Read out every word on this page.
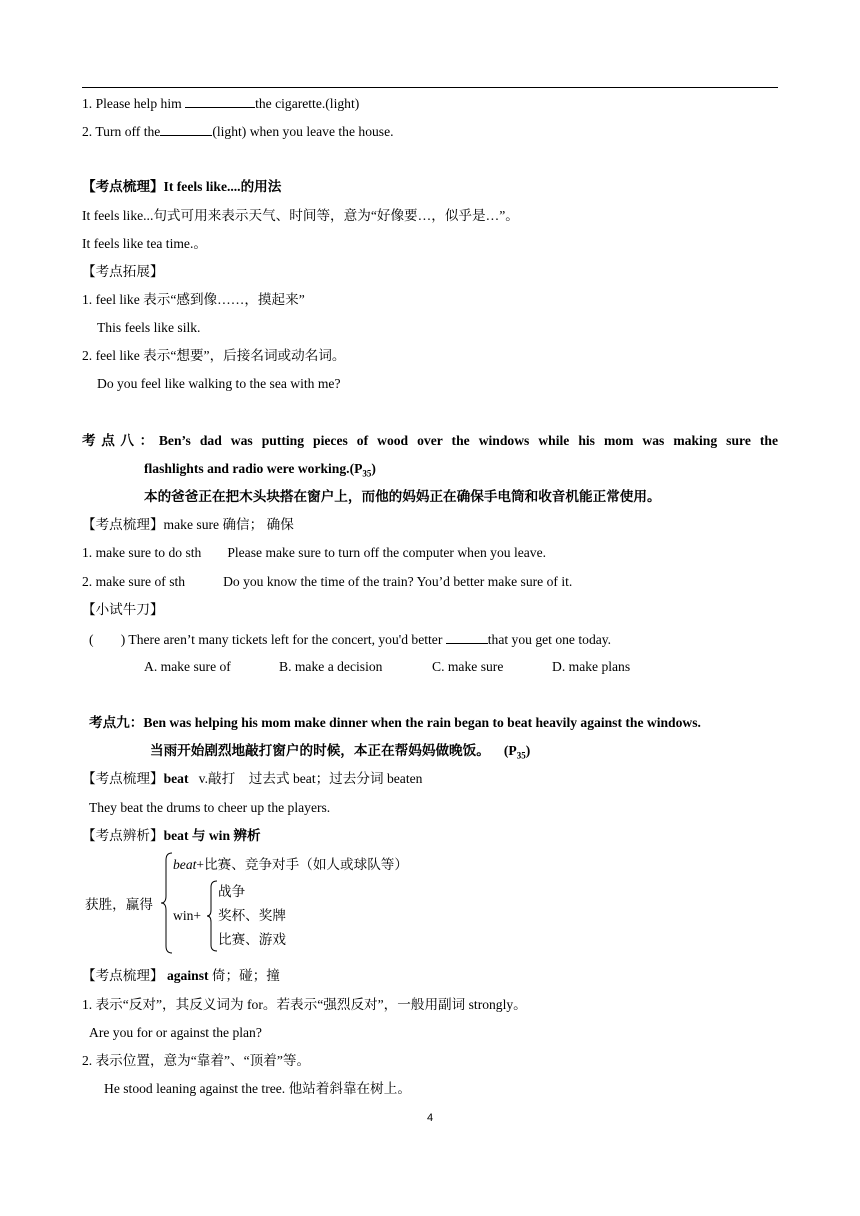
1. Please help him	the cigarette.(light)
2. Turn off the	(light) when you leave the house.
【考点梳理】It feels like....的用法
It feels like...句式可用来表示天气、时间等，意为“好像要…，似乎是…”。
It feels like tea time.。
【考点拓展】
1. feel like 表示“感到像……，摸起来”
This feels like silk.
2. feel like 表示“想要”，后接名词或动名词。
Do you feel like walking to the sea with me?
考点八：Ben’s dad was putting pieces of wood over the windows while his mom was making sure the
flashlights and radio were $working.(P_{35})$
本的爸爸正在把木头块搭在窗户上，而他的妈妈正在确保手电筒和收音机能正常使用。
【考点梳理】make sure 确信； 确保
1. make sure to do sth Please make sure to turn off the computer when you leave.
2. make sure of sth	Do you know the time of the train? You’d better make sure of it.
【小试牛刀】
(        ) There aren’t many tickets left for the concert, you'd better	that you get one today.
A. make sure of	B. make a decision	C. make sure	D. make plans
考点九：Ben was helping his mom make dinner when the rain began to beat heavily against the windows.
当雨开始剧烈地敲打窗户的时候，本正在帮妈妈做晚饭。 $(P_{35})$
【考点梳理】beat   v.敲打    过去式 beat；过去分词 beaten
They beat the drums to cheer up the players.
【考点辨析】beat 与 win 辨析
获胜，赢得
beat+比赛、竞争对手（如人或球队等）
win+
战争
奖杯、奖牌
比赛、游戏
【考点梳理】 against 倚；碰；撞
1. 表示“反对”，其反义词为 for。若表示“强烈反对”，一般用副词 strongly。
Are you for or against the plan?
2. 表示位置，意为“靠着”、“顶着”等。
He stood leaning against the tree. 他站着斜靠在树上。
4
